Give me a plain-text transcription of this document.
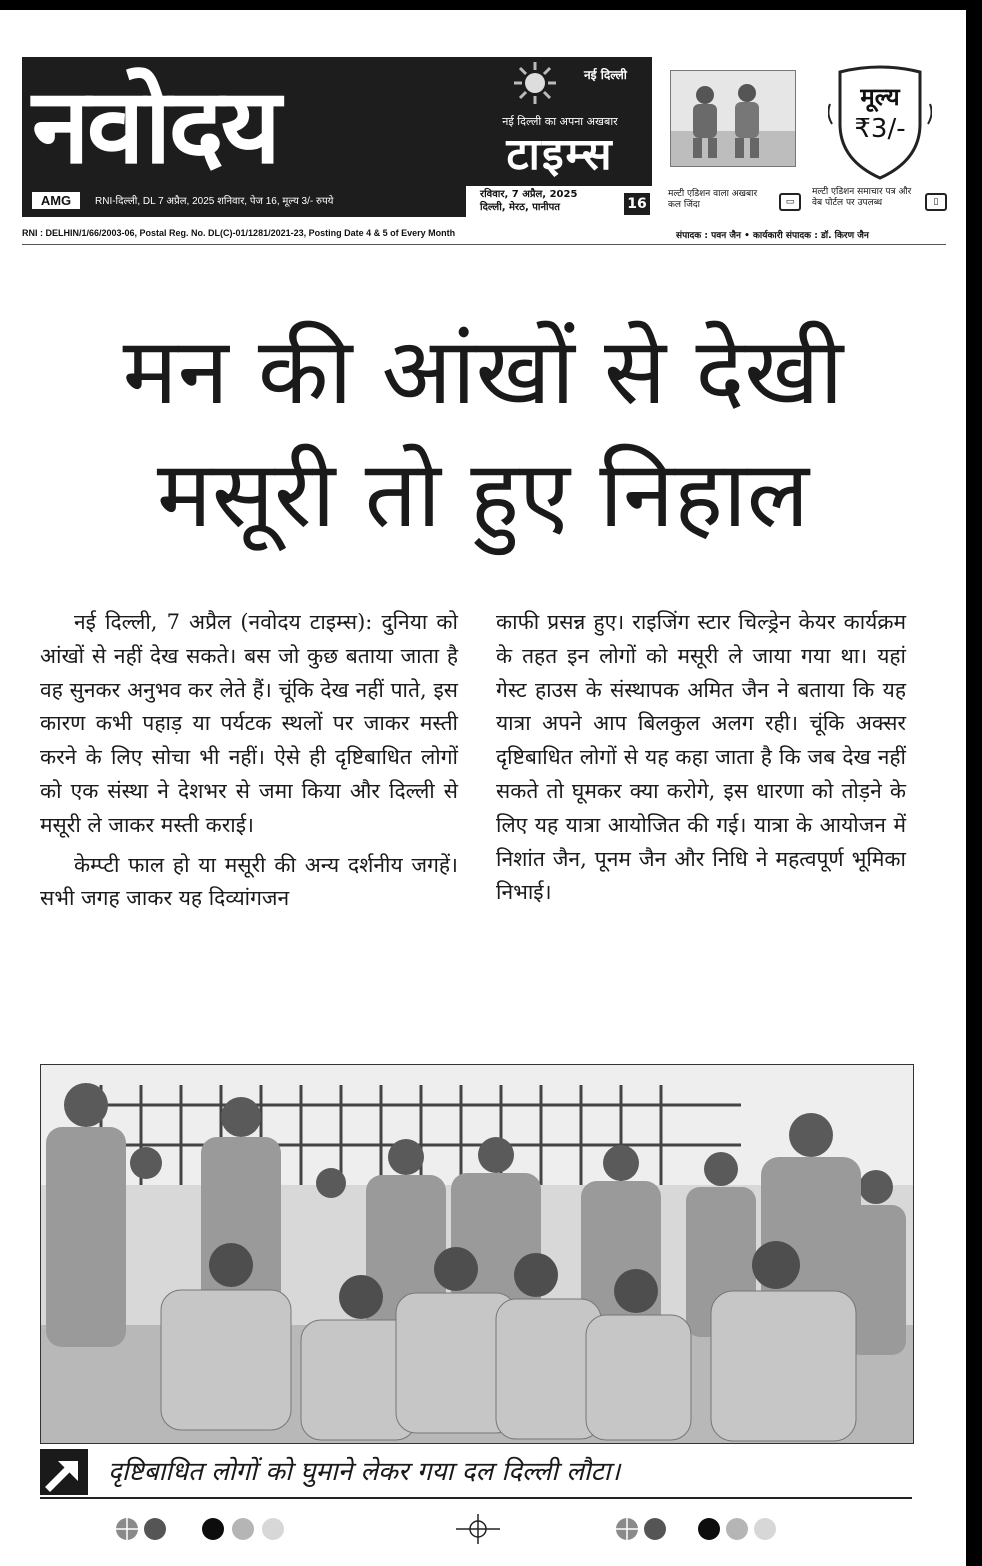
नवोदय
AMG	RNI-दिल्ली, DL 7 अप्रैल, 2025 शनिवार, पेज 16, मूल्य 3/- रुपये
नई दिल्ली
नई दिल्ली का अपना अखबार
टाइम्स
रविवार, 7 अप्रैल, 2025
दिल्ली, मेरठ, पानीपत	16
मल्टी एडिशन वाला अखबार कल जिंदा	▭
मल्टी एडिशन समाचार पत्र और वेब पोर्टल पर उपलब्ध	▯
मूल्य
₹3/-
RNI : DELHIN/1/66/2003-06, Postal Reg. No. DL(C)-01/1281/2021-23, Posting Date 4 & 5 of Every Month	संपादक : पवन जैन • कार्यकारी संपादक : डॉ. किरण जैन
मन की आंखों से देखी
मसूरी तो हुए निहाल

नई दिल्ली, 7 अप्रैल (नवोदय टाइम्स): दुनिया को आंखों से नहीं देख सकते। बस जो कुछ बताया जाता है वह सुनकर अनुभव कर लेते हैं। चूंकि देख नहीं पाते, इस कारण कभी पहाड़ या पर्यटक स्थलों पर जाकर मस्ती करने के लिए सोचा भी नहीं। ऐसे ही दृष्टिबाधित लोगों को एक संस्था ने देशभर से जमा किया और दिल्ली से मसूरी ले जाकर मस्ती कराई।

केम्प्टी फाल हो या मसूरी की अन्य दर्शनीय जगहें। सभी जगह जाकर यह दिव्यांगजन

काफी प्रसन्न हुए। राइजिंग स्टार चिल्ड्रेन केयर कार्यक्रम के तहत इन लोगों को मसूरी ले जाया गया था। यहां गेस्ट हाउस के संस्थापक अमित जैन ने बताया कि यह यात्रा अपने आप बिलकुल अलग रही। चूंकि अक्सर दृष्टिबाधित लोगों से यह कहा जाता है कि जब देख नहीं सकते तो घूमकर क्या करोगे, इस धारणा को तोड़ने के लिए यह यात्रा आयोजित की गई। यात्रा के आयोजन में निशांत जैन, पूनम जैन और निधि ने महत्वपूर्ण भूमिका निभाई।

दृष्टिबाधित लोगों को घुमाने लेकर गया दल दिल्ली लौटा।
